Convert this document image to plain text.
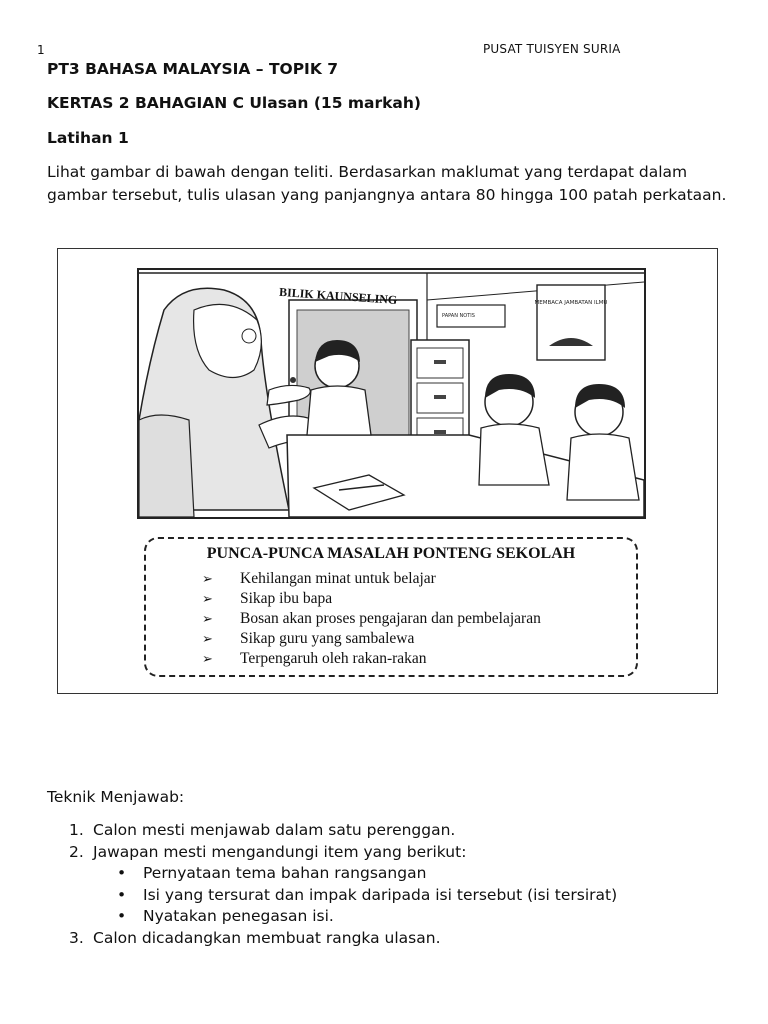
1	PUSAT TUISYEN SURIA
PT3 BAHASA MALAYSIA – TOPIK 7
KERTAS 2 BAHAGIAN C Ulasan (15 markah)
Latihan 1
Lihat gambar di bawah dengan teliti. Berdasarkan maklumat yang terdapat dalam gambar tersebut, tulis ulasan yang panjangnya antara 80 hingga 100 patah perkataan.
BILIK KAUNSELING
PAPAN NOTIS
MEMBACA JAMBATAN ILMU
PUNCA-PUNCA MASALAH PONTENG SEKOLAH
➢ Kehilangan minat untuk belajar
➢ Sikap ibu bapa
➢ Bosan akan proses pengajaran dan pembelajaran
➢ Sikap guru yang sambalewa
➢ Terpengaruh oleh rakan-rakan
Teknik Menjawab:
1. Calon mesti menjawab dalam satu perenggan.
2. Jawapan mesti mengandungi item yang berikut:
• Pernyataan tema bahan rangsangan
• Isi yang tersurat dan impak daripada isi tersebut (isi tersirat)
• Nyatakan penegasan isi.
3. Calon dicadangkan membuat rangka ulasan.
